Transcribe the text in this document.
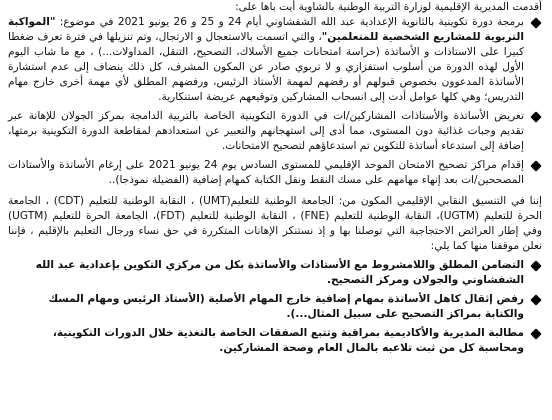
أقدمت المديرية الإقليمية لوزارة التربية الوطنية بالشاوية أيت باها على:

برمجة دورة تكوينية بالثانوية الإعدادية عبد الله الشفشاوني أيام 24 و 25 و 26 يونيو 2021 في موضوع: "المواكبة التربوية للمشاريع الشخصية للمتعلمين"، والتي اتسمت بالاستعجال و الارتجال، وتم تنزيلها في فترة تعرف ضغطا كبيرا على الاستاذات و الأساتذة (حراسة امتحانات جميع الأسلاك، التصحيح، التنقل، المداولات...) ، مع ما شاب اليوم الأول لهذه الدورة من أسلوب استفزازي و لا تربوي صادر عن المكون المشرف، كل ذلك ينضاف إلى عدم استشارة الأساتذة المدعوون بخصوص قبولهم أو رفضهم لمهمة الأستاذ الرئيس، ورفضهم المطلق لأي مهمة أخرى خارج مهام التدريس؛ وهي كلها عوامل أدت إلى انسحاب المشاركين وتوقيعهم عريضة استنكارية.
تعريض الأساتذة والأستاذات المشاركين/ات في الدورة التكوينية الخاصة بالتربية الدامجة بمركز الجولان للإهانة عبر تقديم وجبات غذائية دون المستوى، مما أدى إلى استهجانهم والتعبير عن استعدادهم لمقاطعة الدورة التكوينية برمتها، إضافة إلى استدعاء أساتذة للتكوين تم استدعاؤهم لتصحيح الامتحانات.
إقدام مراكز تصحيح الامتحان الموحد الإقليمي للمستوى السادس يوم 24 يونيو 2021 على إرغام الأساتذة والأستاذات المصححين/ات بعد إنهاء مهامهم على مسك النقط ونقل الكتابة كمهام إضافية (الفضيلة نموذجا)..

إننا في التنسيق النقابي الإقليمي المكون من: الجامعة الوطنية للتعليم(UMT) ، النقابة الوطنية للتعليم (CDT) ، الجامعة الحرة للتعليم (UGTM)، النقابة الوطنية للتعليم (FNE) ، النقابة الوطنية للتعليم (FDT)، الجامعة الحرة للتعليم (UGTM) وفي إطار العرائض الاحتجاجية التي توصلنا بها و إذ نستنكر الإهانات المتكررة في حق نساء ورجال التعليم بالإقليم ، فإننا نعلن موقفنا منها كما يلي:

التضامن المطلق واللامشروط مع الأستاذات والأساتذة بكل من مركزي التكوين بإعدادية عبد الله الشفشاوني والجولان ومركز التصحيح.
رفض إثقال كاهل الأساتذة بمهام إضافية خارج المهام الأصلية (الأستاذ الرئيس ومهام المسك والكتابة بمراكز التصحيح على سبيل المثال...).
مطالبة المديرية والأكاديمية بمراقبة وتتبع الصفقات الخاصة بالتغذية خلال الدورات التكوينية، ومحاسبة كل من ثبت تلاعبه بالمال العام وصحة المشاركين.
